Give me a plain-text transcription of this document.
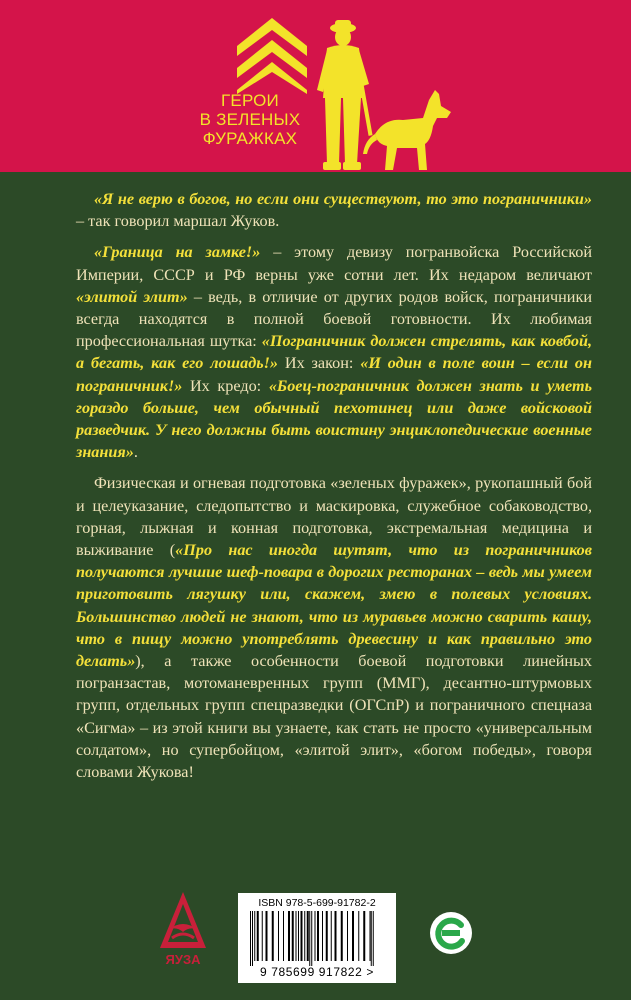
ГЕРОИ
В ЗЕЛЕНЫХ
ФУРАЖКАХ

«Я не верю в богов, но если они существуют, то это пограничники» – так говорил маршал Жуков.

«Граница на замке!» – этому девизу погранвойска Российской Империи, СССР и РФ верны уже сотни лет. Их недаром величают «элитой элит» – ведь, в отличие от других родов войск, пограничники всегда находятся в полной боевой готовности. Их любимая профессиональная шутка: «Пограничник должен стрелять, как ковбой, а бегать, как его лошадь!» Их закон: «И один в поле воин – если он пограничник!» Их кредо: «Боец-пограничник должен знать и уметь гораздо больше, чем обычный пехотинец или даже войсковой разведчик. У него должны быть воистину энциклопедические военные знания».

Физическая и огневая подготовка «зеленых фуражек», рукопашный бой и целеуказание, следопытство и маскировка, служебное собаководство, горная, лыжная и конная подготовка, экстремальная медицина и выживание («Про нас иногда шутят, что из пограничников получаются лучшие шеф-повара в дорогих ресторанах – ведь мы умеем приготовить лягушку или, скажем, змею в полевых условиях. Большинство людей не знают, что из муравьев можно сварить кашу, что в пищу можно употреблять древесину и как правильно это делать»), а также особенности боевой подготовки линейных погранзастав, мотоманевренных групп (ММГ), десантно-штурмовых групп, отдельных групп спецразведки (ОГСпР) и пограничного спецназа «Сигма» – из этой книги вы узнаете, как стать не просто «универсальным солдатом», но супербойцом, «элитой элит», «богом победы», говоря словами Жукова!

ЯУЗА
ISBN 978-5-699-91782-2
9 785699 917822 >
